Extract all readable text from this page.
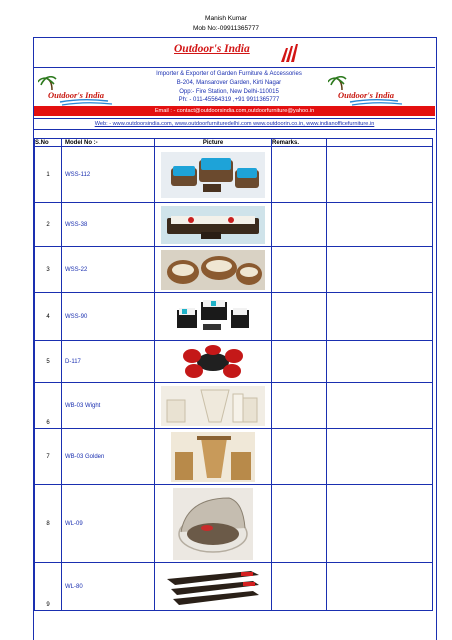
Manish Kumar
Mob No:-09911365777
Outdoor's India
Outdoor's India	Outdoor's India
Importer & Exporter of Garden Furniture & Accessories
B-204, Mansarover Garden, Kirti Nagar
Opp:- Fire Station, New Delhi-110015
Ph: - 011-45564319 ,+91 9911365777
Email : - contact@outdoorsindia.com,outdoorfurniture@yahoo.in
Web: - www.outdoorsindia.com, www.outdoorfurnituredelhi.com www.outdoorin.co.in, www.indianofficefurniture.in
S.No	Model No :-	Picture	Remarks.	
1	WSS-112	

2	WSS-38	

3	WSS-22	

4	WSS-90	

5	D-117	

6	WB-03 Wight	

7	WB-03 Golden	

8	WL-09	

9	WL-80	
